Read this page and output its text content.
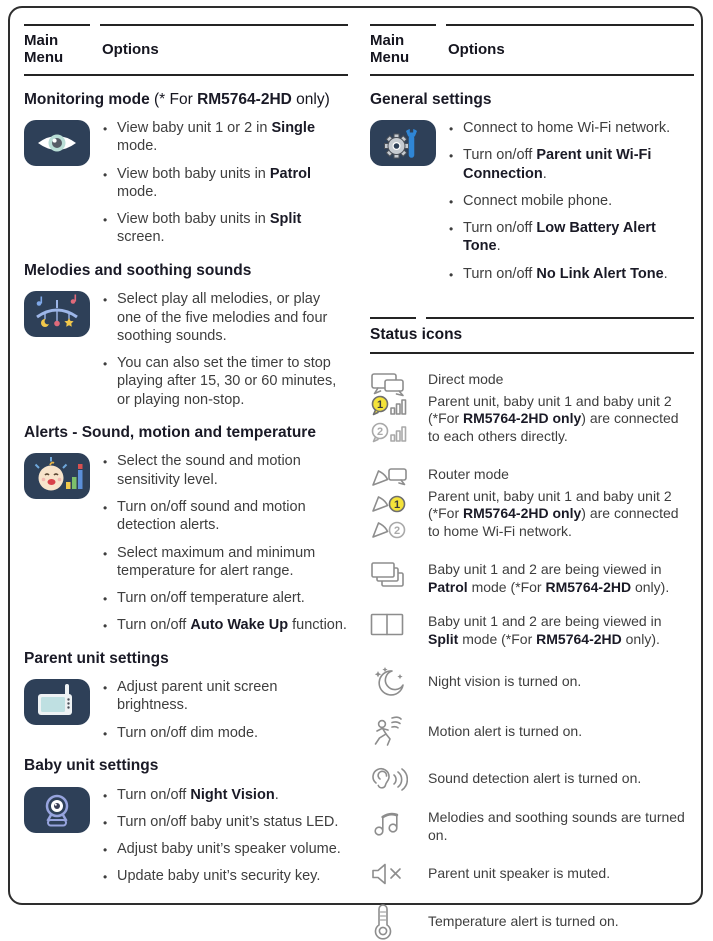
Main Menu
Options
Monitoring mode (* For RM5764-2HD only)
•
View baby unit 1 or 2 in Single mode.
•
View both baby units in Patrol mode.
•
View both baby units in Split screen.
Melodies and soothing sounds
•
Select play all melodies, or play one of the five melodies and four soothing sounds.
•
You can also set the timer to stop playing after 15, 30 or 60 minutes, or playing non-stop.
Alerts - Sound, motion and temperature
•
Select the sound and motion sensitivity level.
•
Turn on/off sound and motion detection alerts.
•
Select maximum and minimum temperature for alert range.
•
Turn on/off temperature alert.
•
Turn on/off Auto Wake Up function.
Parent unit settings
•
Adjust parent unit screen brightness.
•
Turn on/off dim mode.
Baby unit settings
•
Turn on/off Night Vision.
•
Turn on/off baby unit’s status LED.
•
Adjust baby unit’s speaker volume.
•
Update baby unit’s security key.
Main Menu
Options
General settings
•
Connect to home Wi-Fi network.
•
Turn on/off Parent unit Wi-Fi Connection.
•
Connect mobile phone.
•
Turn on/off Low Battery Alert Tone.
•
Turn on/off No Link Alert Tone.
Status icons
1
2
Direct mode
Parent unit, baby unit 1 and baby unit 2 (*For RM5764-2HD only) are connected to each others directly.
1
2
Router mode
Parent unit, baby unit 1 and baby unit 2 (*For RM5764-2HD only) are connected to home Wi-Fi network.
Baby unit 1 and 2 are being viewed in Patrol mode (*For RM5764-2HD only).
Baby unit 1 and 2 are being viewed in Split mode (*For RM5764-2HD only).
Night vision is turned on.
Motion alert is turned on.
Sound detection alert is turned on.
Melodies and soothing sounds are turned on.
Parent unit speaker is muted.
Temperature alert is turned on.
